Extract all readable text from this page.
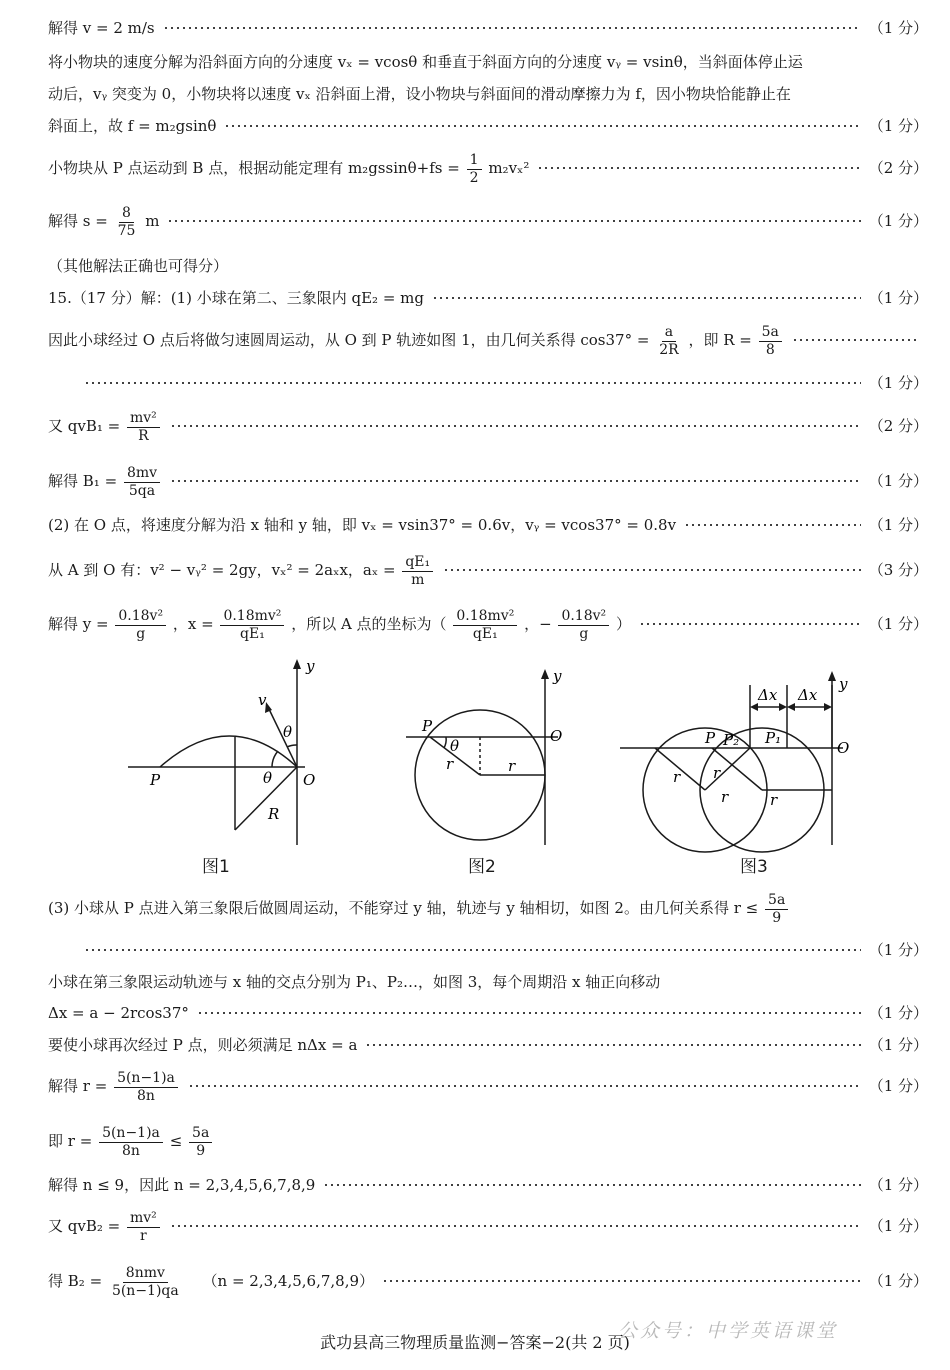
解得 v = 2 m/s	（1 分）
将小物块的速度分解为沿斜面方向的分速度 vₓ = vcosθ 和垂直于斜面方向的分速度 vᵧ = vsinθ，当斜面体停止运
动后，vᵧ 突变为 0，小物块将以速度 vₓ 沿斜面上滑，设小物块与斜面间的滑动摩擦力为 f，因小物块恰能静止在
斜面上，故 f = m₂gsinθ	（1 分）
小物块从 P 点运动到 B 点，根据动能定理有 $m_2gssin\theta+fs = \frac{1}{2} m_2v_x^2$	（2 分）
解得 $s = \frac{8}{75}$ m	（1 分）
（其他解法正确也可得分）
15.（17 分）解：(1) 小球在第二、三象限内 qE₂ = mg	（1 分）
因此小球经过 O 点后将做匀速圆周运动，从 O 到 P 轨迹如图 1，由几何关系得 $\cos 37^\circ = \frac{a}{2R}$ ，即 $R = \frac{5a}{8}$
（1 分）
又 $qvB_1 = \frac{\text{mv²}}{R}$	（2 分）
解得 $B_1 = \frac{8mv}{5qa}$	（1 分）
(2) 在 O 点，将速度分解为沿 x 轴和 y 轴，即 vₓ = vsin37° = 0.6v，vᵧ = vcos37° = 0.8v	（1 分）
从 A 到 O 有：v² − vᵧ² = 2gy，vₓ² = 2aₓx，$a_x = \frac{\text{qE₁}}{m}$	（3 分）
解得 $y = \frac{\text{0.18v²}}{g}$ ，$x = \frac{\text{0.18mv²}}{\text{qE₁}}$ ，所以 A 点的坐标为（ $\frac{\text{0.18mv²}}{\text{qE₁}}$ ，− $\frac{\text{0.18v²}}{g}$ ）	（1 分）
y
v
θ
θ
P	O
R
图1
y
P
θ
r	r
O
图2
y
Δx Δx
P P₂ P₁
O
r r
r	r
图3
(3) 小球从 P 点进入第三象限后做圆周运动，不能穿过 y 轴，轨迹与 y 轴相切，如图 2。由几何关系得 $r \le \frac{5a}{9}$
（1 分）
小球在第三象限运动轨迹与 x 轴的交点分别为 P₁、P₂…，如图 3，每个周期沿 x 轴正向移动
Δx = a − 2rcos37°	（1 分）
要使小球再次经过 P 点，则必须满足 nΔx = a	（1 分）
解得 $r = \frac{5(n-1)a}{8n}$	（1 分）
即 $r = \frac{5(n-1)a}{8n} \le \frac{5a}{9}$
解得 n ≤ 9，因此 n = 2,3,4,5,6,7,8,9	（1 分）
又 $qvB_2 = \frac{\text{mv²}}{r}$	（1 分）
得 $B_2 = \frac{\text{8nmv}}{5(n-1)qa} (n = 2,3,4,5,6,7,8,9)$	（1 分）
公众号：中学英语课堂
武功县高三物理质量监测−答案−2(共 2 页)
